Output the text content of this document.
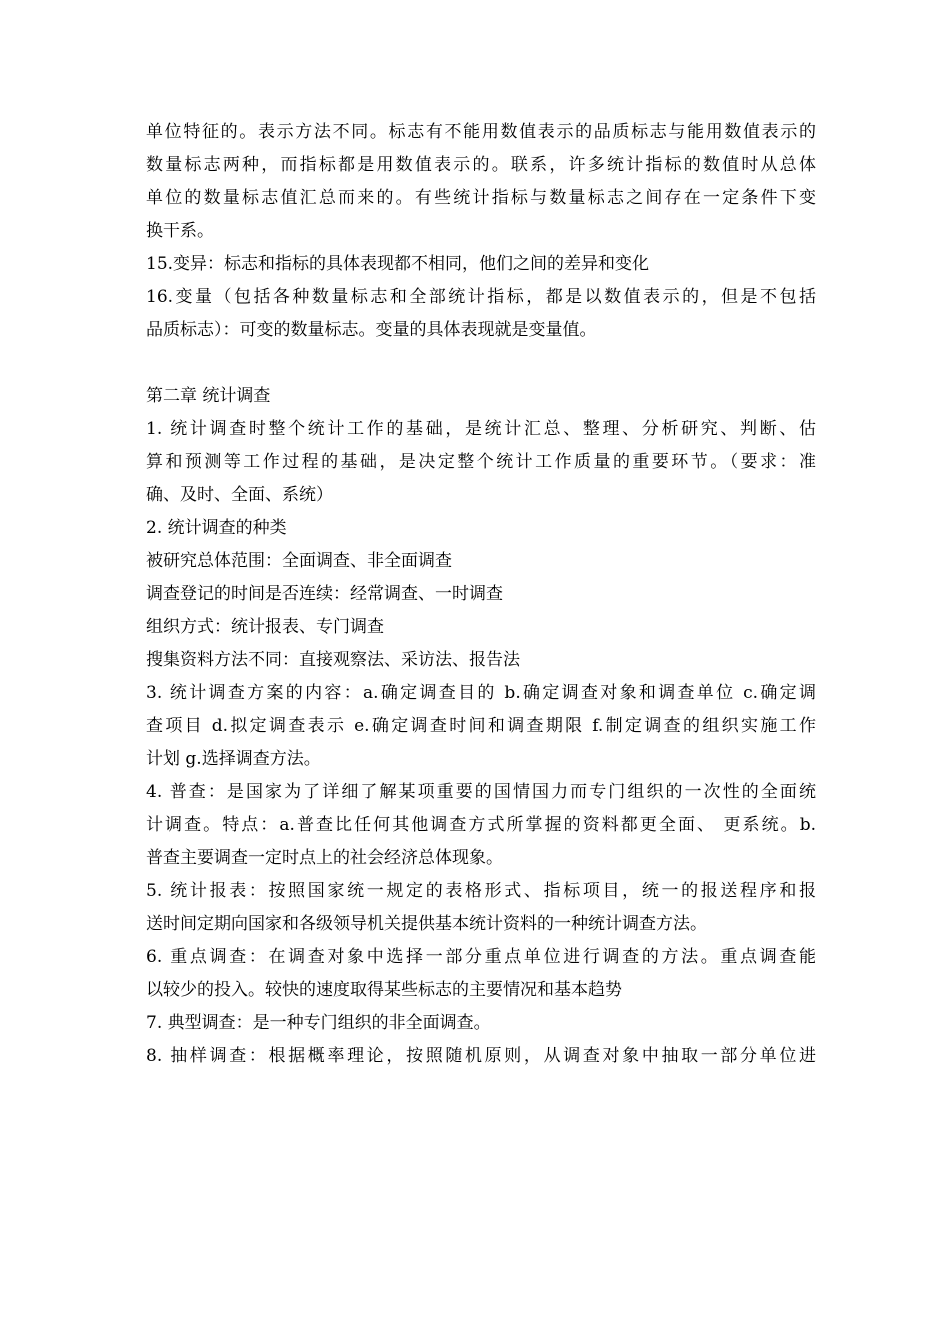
单位特征的。表示方法不同。标志有不能用数值表示的品质标志与能用数值表示的
数量标志两种，而指标都是用数值表示的。联系，许多统计指标的数值时从总体
单位的数量标志值汇总而来的。有些统计指标与数量标志之间存在一定条件下变
换干系。
15.变异：标志和指标的具体表现都不相同，他们之间的差异和变化
16.变量（包括各种数量标志和全部统计指标，都是以数值表示的，但是不包括
品质标志）：可变的数量标志。变量的具体表现就是变量值。
第二章 统计调查
1. 统计调查时整个统计工作的基础，是统计汇总、整理、分析研究、判断、估
算和预测等工作过程的基础，是决定整个统计工作质量的重要环节。（要求：准
确、及时、全面、系统）
2. 统计调查的种类
被研究总体范围：全面调查、非全面调查
调查登记的时间是否连续：经常调查、一时调查
组织方式：统计报表、专门调查
搜集资料方法不同：直接观察法、采访法、报告法
3. 统计调查方案的内容：a.确定调查目的 b.确定调查对象和调查单位 c.确定调
查项目 d.拟定调查表示 e.确定调查时间和调查期限 f.制定调查的组织实施工作
计划 g.选择调查方法。
4. 普查：是国家为了详细了解某项重要的国情国力而专门组织的一次性的全面统
计调查。特点：a.普查比任何其他调查方式所掌握的资料都更全面、 更系统。b.
普查主要调查一定时点上的社会经济总体现象。
5. 统计报表：按照国家统一规定的表格形式、指标项目，统一的报送程序和报
送时间定期向国家和各级领导机关提供基本统计资料的一种统计调查方法。
6. 重点调查：在调查对象中选择一部分重点单位进行调查的方法。重点调查能
以较少的投入。较快的速度取得某些标志的主要情况和基本趋势
7. 典型调查：是一种专门组织的非全面调查。
8. 抽样调查：根据概率理论，按照随机原则，从调查对象中抽取一部分单位进
